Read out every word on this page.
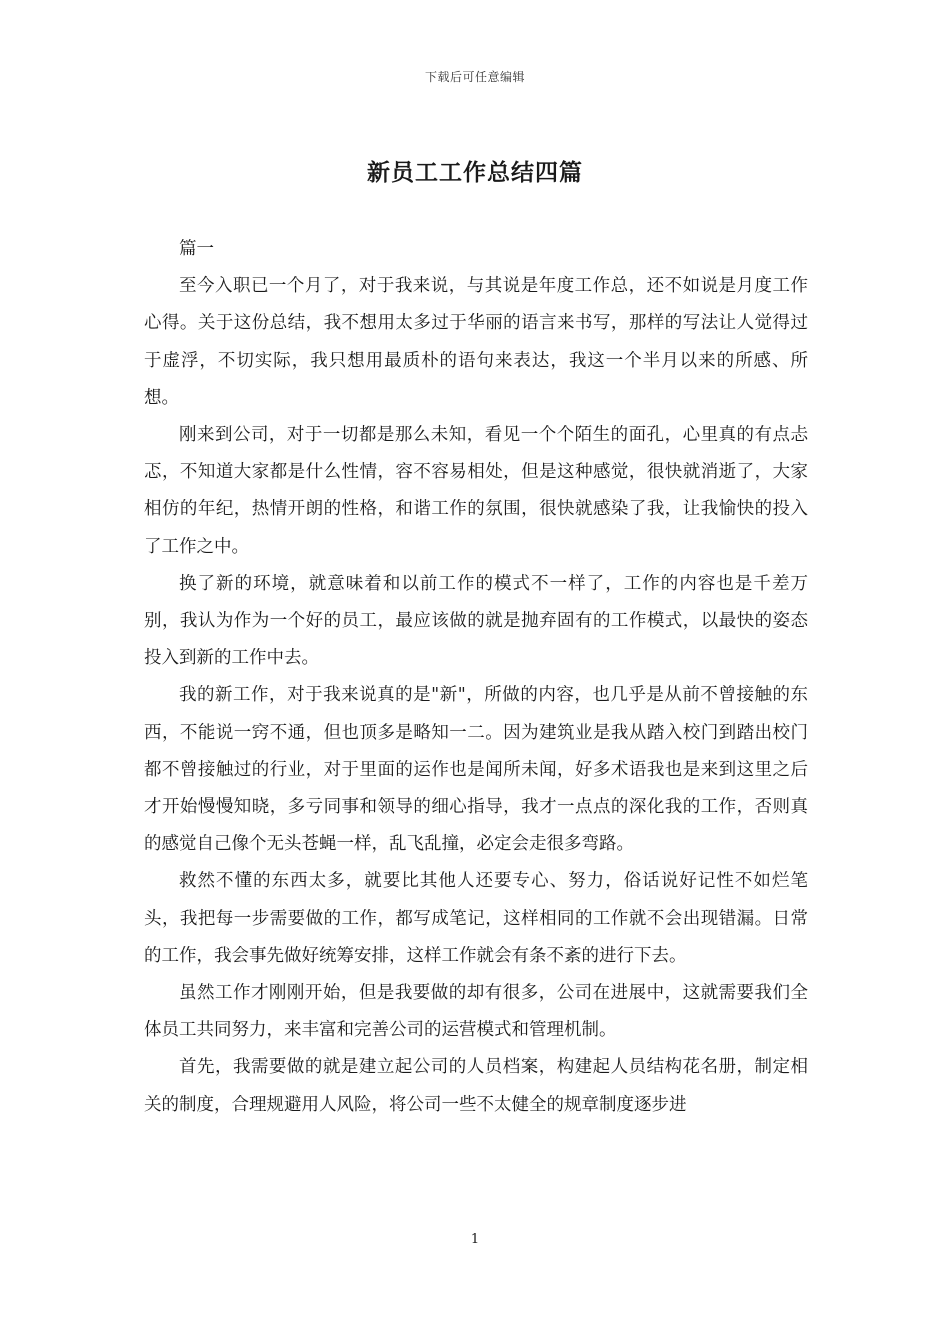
下载后可任意编辑
新员工工作总结四篇

篇一

至今入职已一个月了，对于我来说，与其说是年度工作总，还不如说是月度工作心得。关于这份总结，我不想用太多过于华丽的语言来书写，那样的写法让人觉得过于虚浮，不切实际，我只想用最质朴的语句来表达，我这一个半月以来的所感、所想。

刚来到公司，对于一切都是那么未知，看见一个个陌生的面孔，心里真的有点忐忑，不知道大家都是什么性情，容不容易相处，但是这种感觉，很快就消逝了，大家相仿的年纪，热情开朗的性格，和谐工作的氛围，很快就感染了我，让我愉快的投入了工作之中。

换了新的环境，就意味着和以前工作的模式不一样了，工作的内容也是千差万别，我认为作为一个好的员工，最应该做的就是抛弃固有的工作模式，以最快的姿态投入到新的工作中去。

我的新工作，对于我来说真的是"新"，所做的内容，也几乎是从前不曾接触的东西，不能说一窍不通，但也顶多是略知一二。因为建筑业是我从踏入校门到踏出校门都不曾接触过的行业，对于里面的运作也是闻所未闻，好多术语我也是来到这里之后才开始慢慢知晓，多亏同事和领导的细心指导，我才一点点的深化我的工作，否则真的感觉自己像个无头苍蝇一样，乱飞乱撞，必定会走很多弯路。

救然不懂的东西太多，就要比其他人还要专心、努力，俗话说好记性不如烂笔头，我把每一步需要做的工作，都写成笔记，这样相同的工作就不会出现错漏。日常的工作，我会事先做好统筹安排，这样工作就会有条不紊的进行下去。

虽然工作才刚刚开始，但是我要做的却有很多，公司在进展中，这就需要我们全体员工共同努力，来丰富和完善公司的运营模式和管理机制。

首先，我需要做的就是建立起公司的人员档案，构建起人员结构花名册，制定相关的制度，合理规避用人风险，将公司一些不太健全的规章制度逐步进

1
